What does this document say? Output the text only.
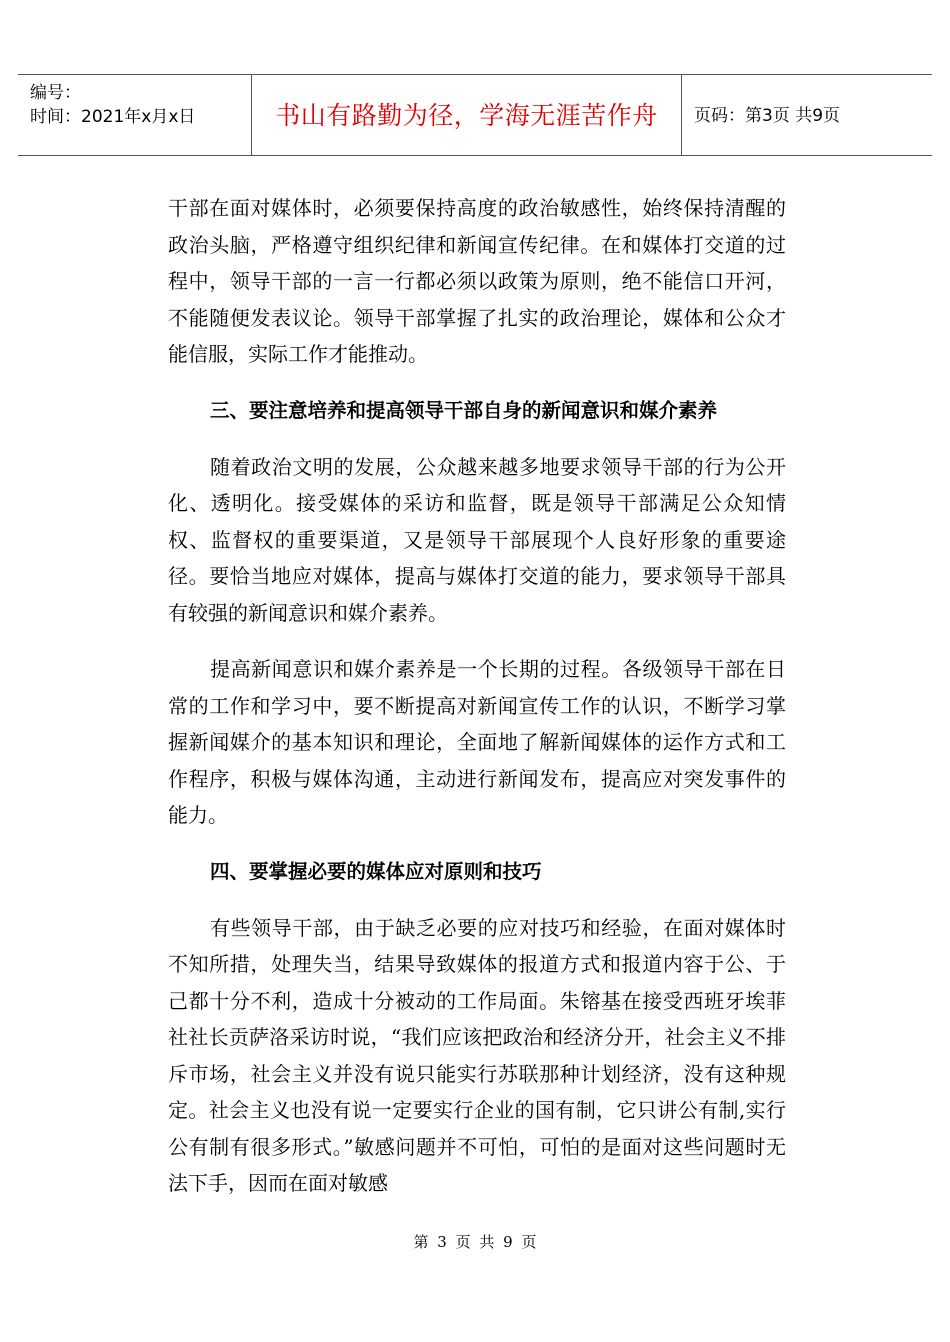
编号：
时间：2021年x月x日	书山有路勤为径，学海无涯苦作舟	页码：第3页 共9页

干部在面对媒体时，必须要保持高度的政治敏感性，始终保持清醒的政治头脑，严格遵守组织纪律和新闻宣传纪律。在和媒体打交道的过程中，领导干部的一言一行都必须以政策为原则，绝不能信口开河，不能随便发表议论。领导干部掌握了扎实的政治理论，媒体和公众才能信服，实际工作才能推动。

三、要注意培养和提高领导干部自身的新闻意识和媒介素养

随着政治文明的发展，公众越来越多地要求领导干部的行为公开化、透明化。接受媒体的采访和监督，既是领导干部满足公众知情权、监督权的重要渠道，又是领导干部展现个人良好形象的重要途径。要恰当地应对媒体，提高与媒体打交道的能力，要求领导干部具有较强的新闻意识和媒介素养。

提高新闻意识和媒介素养是一个长期的过程。各级领导干部在日常的工作和学习中，要不断提高对新闻宣传工作的认识，不断学习掌握新闻媒介的基本知识和理论，全面地了解新闻媒体的运作方式和工作程序，积极与媒体沟通，主动进行新闻发布，提高应对突发事件的能力。

四、要掌握必要的媒体应对原则和技巧

有些领导干部，由于缺乏必要的应对技巧和经验，在面对媒体时不知所措，处理失当，结果导致媒体的报道方式和报道内容于公、于己都十分不利，造成十分被动的工作局面。朱镕基在接受西班牙埃菲社社长贡萨洛采访时说，“我们应该把政治和经济分开，社会主义不排斥市场，社会主义并没有说只能实行苏联那种计划经济，没有这种规定。社会主义也没有说一定要实行企业的国有制，它只讲公有制,实行公有制有很多形式。”敏感问题并不可怕，可怕的是面对这些问题时无法下手，因而在面对敏感

第 3 页 共 9 页
